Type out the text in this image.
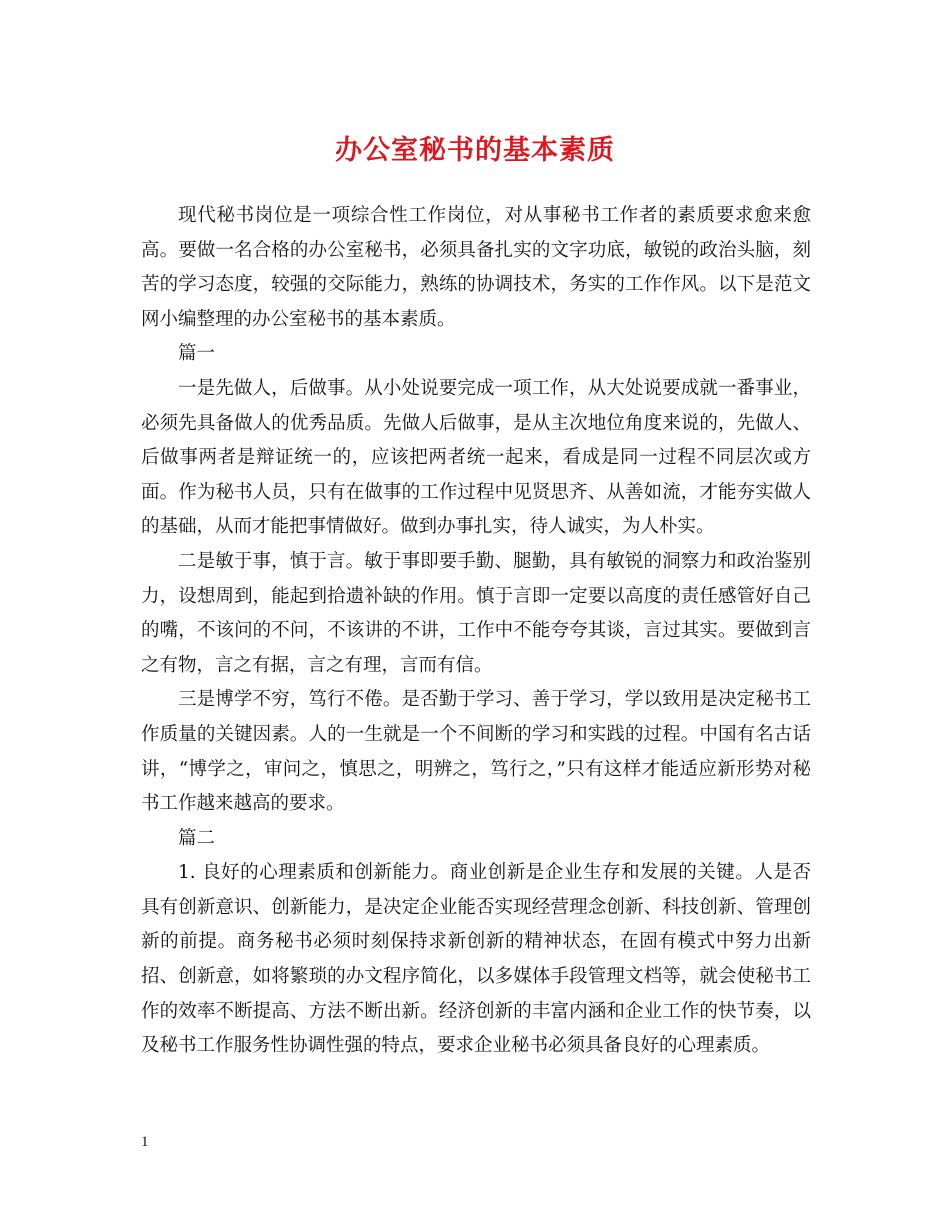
办公室秘书的基本素质

现代秘书岗位是一项综合性工作岗位，对从事秘书工作者的素质要求愈来愈高。要做一名合格的办公室秘书，必须具备扎实的文字功底，敏锐的政治头脑，刻苦的学习态度，较强的交际能力，熟练的协调技术，务实的工作作风。以下是范文网小编整理的办公室秘书的基本素质。

篇一

一是先做人，后做事。从小处说要完成一项工作，从大处说要成就一番事业，必须先具备做人的优秀品质。先做人后做事，是从主次地位角度来说的，先做人、后做事两者是辩证统一的，应该把两者统一起来，看成是同一过程不同层次或方面。作为秘书人员，只有在做事的工作过程中见贤思齐、从善如流，才能夯实做人的基础，从而才能把事情做好。做到办事扎实，待人诚实，为人朴实。

二是敏于事，慎于言。敏于事即要手勤、腿勤，具有敏锐的洞察力和政治鉴别力，设想周到，能起到拾遗补缺的作用。慎于言即一定要以高度的责任感管好自己的嘴，不该问的不问，不该讲的不讲，工作中不能夸夸其谈，言过其实。要做到言之有物，言之有据，言之有理，言而有信。

三是博学不穷，笃行不倦。是否勤于学习、善于学习，学以致用是决定秘书工作质量的关键因素。人的一生就是一个不间断的学习和实践的过程。中国有名古话讲，“博学之，审问之，慎思之，明辨之，笃行之，”只有这样才能适应新形势对秘书工作越来越高的要求。

篇二

1. 良好的心理素质和创新能力。商业创新是企业生存和发展的关键。人是否具有创新意识、创新能力，是决定企业能否实现经营理念创新、科技创新、管理创新的前提。商务秘书必须时刻保持求新创新的精神状态，在固有模式中努力出新招、创新意，如将繁琐的办文程序简化，以多媒体手段管理文档等，就会使秘书工作的效率不断提高、方法不断出新。经济创新的丰富内涵和企业工作的快节奏，以及秘书工作服务性协调性强的特点，要求企业秘书必须具备良好的心理素质。

1
